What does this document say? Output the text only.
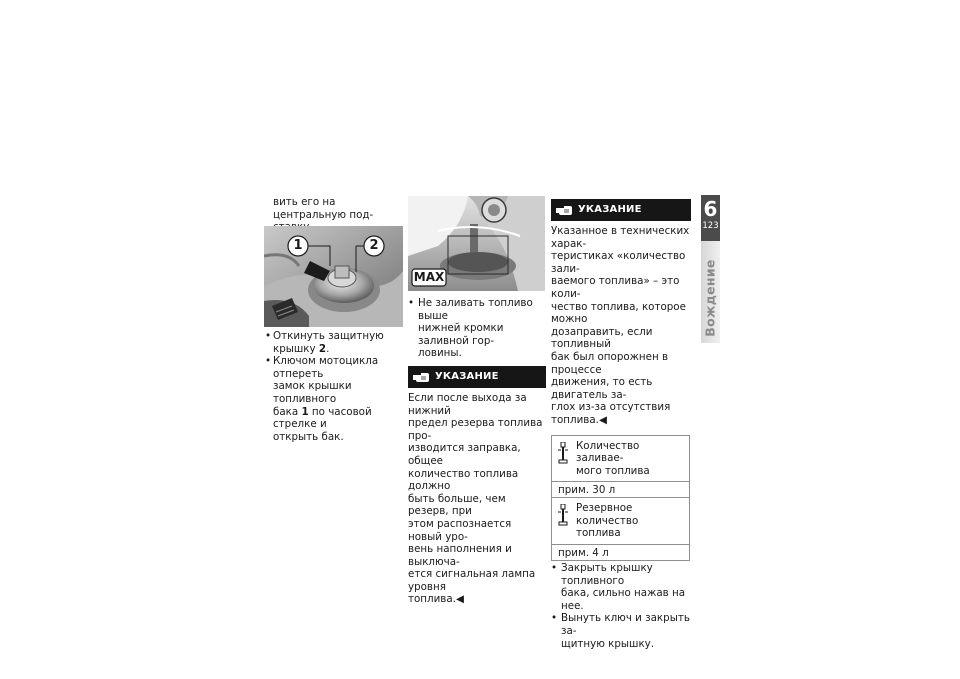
вить его на центральную под-

1	2
• Откинуть защитную крышку 2.

• Ключом мотоцикла отпереть

замок крышки топливного

бака 1 по часовой стрелке и

открыть бак.

MAX

• Не заливать топливо выше

нижней кромки заливной гор-

ловины.

УКАЗАНИЕ

Если после выхода за нижний

предел резерва топлива про-

изводится заправка, общее

количество топлива должно

быть больше, чем резерв, при

этом распознается новый уро-

вень наполнения и выключа-

ется сигнальная лампа уровня

топлива.◀

УКАЗАНИЕ

Указанное в технических харак-

теристиках «количество зали-

ваемого топлива» – это коли-

чество топлива, которое можно

дозаправить, если топливный

бак был опорожнен в процессе

движения, то есть двигатель за-

глох из-за отсутствия топлива.◀

Количество заливае-

мого топлива

прим. 30 л

Резервное количество

топлива

прим. 4 л

• Закрыть крышку топливного

бака, сильно нажав на нее.

• Вынуть ключ и закрыть за-

щитную крышку.

6
123
Вождение
